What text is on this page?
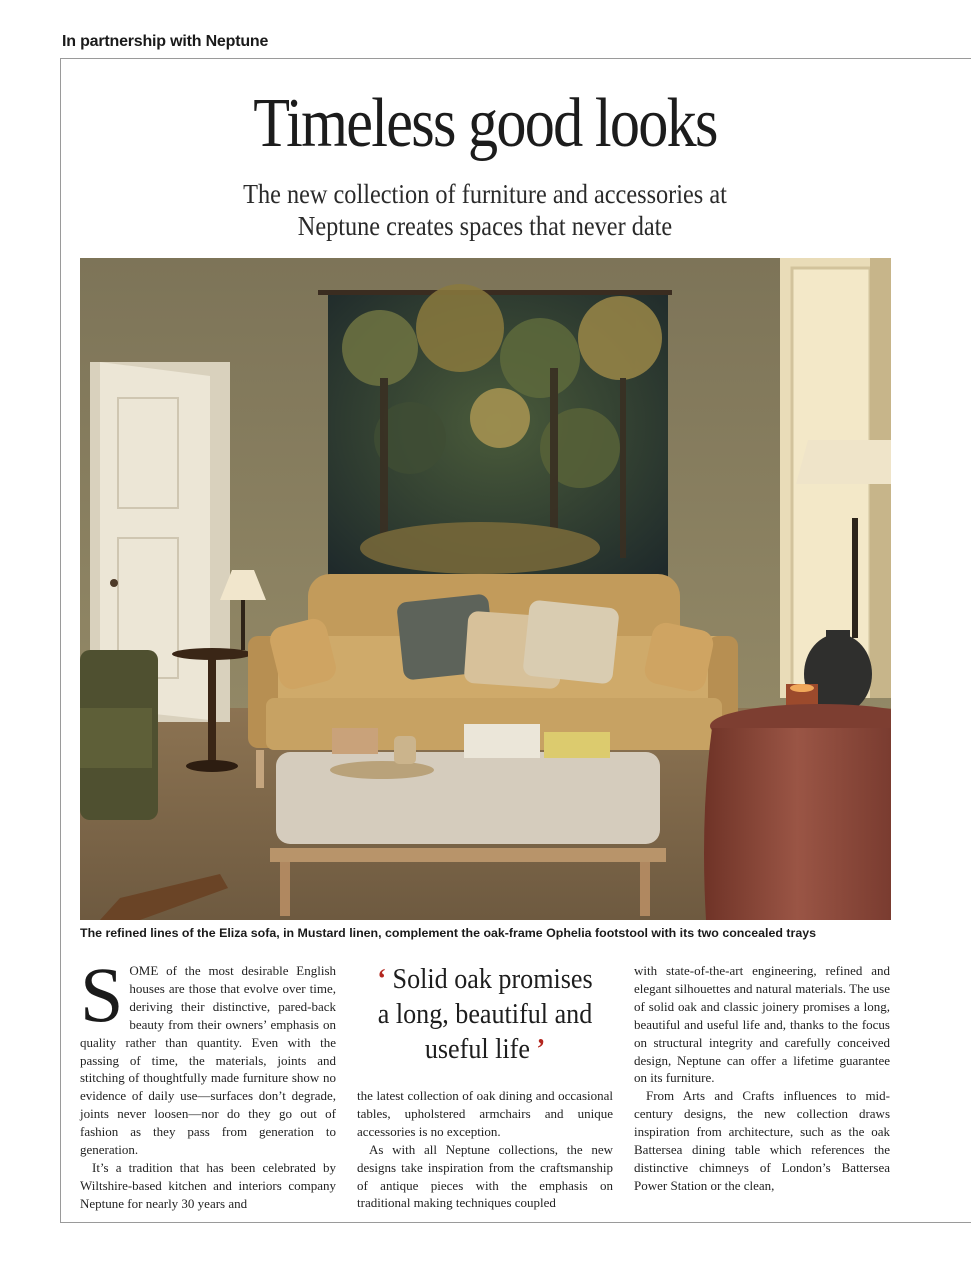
In partnership with Neptune
Timeless good looks
The new collection of furniture and accessories at
Neptune creates spaces that never date
The refined lines of the Eliza sofa, in Mustard linen, complement the oak-frame Ophelia footstool with its two concealed trays

SOME of the most desirable English houses are those that evolve over time, deriving their distinctive, pared-back beauty from their owners’ emphasis on quality rather than quantity. Even with the passing of time, the materials, joints and stitching of thoughtfully made furniture show no evidence of daily use—surfaces don’t degrade, joints never loosen—nor do they go out of fashion as they pass from generation to generation.

It’s a tradition that has been celebrated by Wiltshire-based kitchen and interiors company Neptune for nearly 30 years and

‘ Solid oak promises a long, beautiful and useful life ’

the latest collection of oak dining and occasional tables, upholstered armchairs and unique accessories is no exception.

As with all Neptune collections, the new designs take inspiration from the craftsmanship of antique pieces with the emphasis on traditional making techniques coupled

with state-of-the-art engineering, refined and elegant silhouettes and natural materials. The use of solid oak and classic joinery promises a long, beautiful and useful life and, thanks to the focus on structural integrity and carefully conceived design, Neptune can offer a lifetime guarantee on its furniture.

From Arts and Crafts influences to mid-century designs, the new collection draws inspiration from architecture, such as the oak Battersea dining table which references the distinctive chimneys of London’s Battersea Power Station or the clean,
